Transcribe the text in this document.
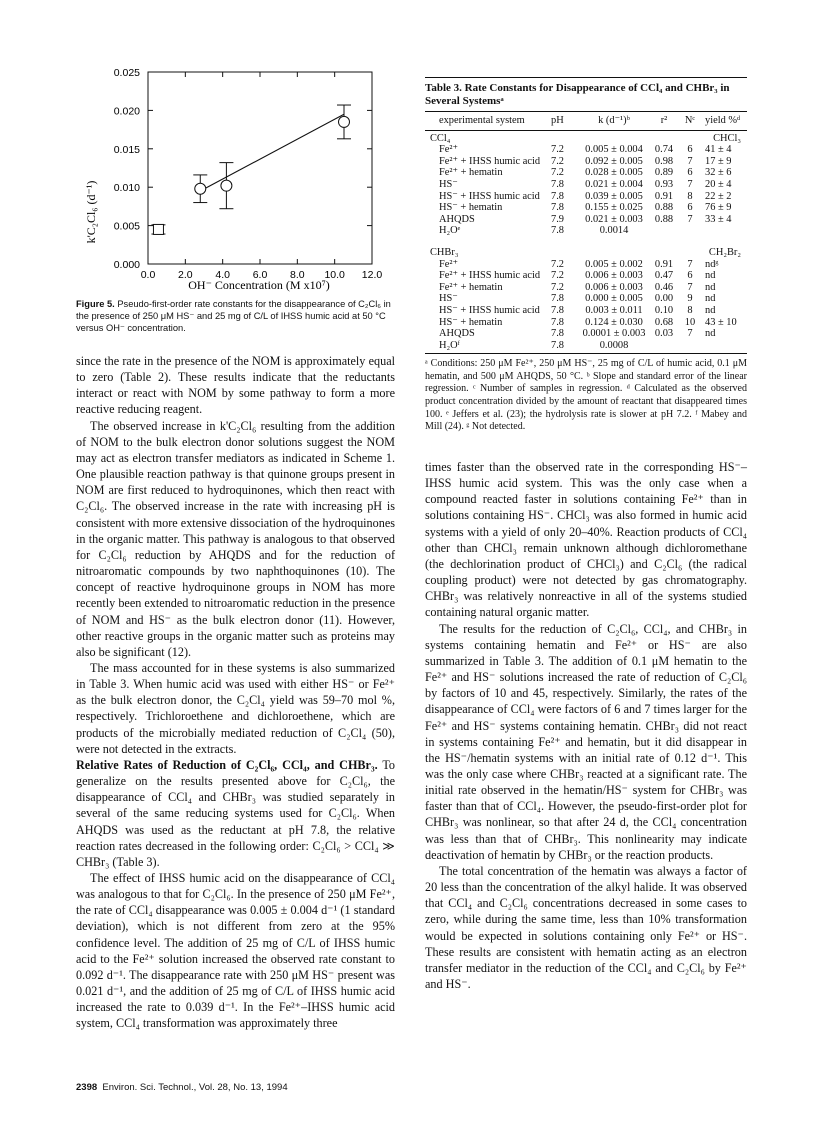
0.0 2.0 4.0 6.0 8.0 10.0 12.0
0.000
0.005
0.010
0.015
0.020
0.025
k'C₂Cl₆ (d⁻¹)
OH⁻ Concentration (M x10⁷)
Figure 5. Pseudo-first-order rate constants for the disappearance of C₂Cl₆ in the presence of 250 μM HS⁻ and 25 mg of C/L of IHSS humic acid at 50 °C versus OH⁻ concentration.
Table 3. Rate Constants for Disappearance of CCl₄ and CHBr₃ in Several Systemsᵃ
experimental system	pH	k (d⁻¹)ᵇ	r²	Nᶜ yield %ᵈ
CCl₄	CHCl₃
Fe²⁺	7.2	0.005 ± 0.004	0.74	6	41 ± 4
Fe²⁺ + IHSS humic acid	7.2	0.092 ± 0.005	0.98	7	17 ± 9
Fe²⁺ + hematin	7.2	0.028 ± 0.005	0.89	6	32 ± 6
HS⁻	7.8	0.021 ± 0.004	0.93	7	20 ± 4
HS⁻ + IHSS humic acid	7.8	0.039 ± 0.005	0.91	8	22 ± 2
HS⁻ + hematin	7.8	0.155 ± 0.025	0.88	6	76 ± 9
AHQDS	7.9	0.021 ± 0.003	0.88	7	33 ± 4
H₂Oᵉ	7.8	0.0014
CHBr₃	CH₂Br₂
Fe²⁺	7.2	0.005 ± 0.002	0.91	7	ndᵍ
Fe²⁺ + IHSS humic acid	7.2	0.006 ± 0.003	0.47	6	nd
Fe²⁺ + hematin	7.2	0.006 ± 0.003	0.46	7	nd
HS⁻	7.8	0.000 ± 0.005	0.00	9	nd
HS⁻ + IHSS humic acid	7.8	0.003 ± 0.011	0.10	8	nd
HS⁻ + hematin	7.8	0.124 ± 0.030	0.68	10 43 ± 10
AHQDS	7.8	0.0001 ± 0.003 0.03	7	nd
H₂Oᶠ	7.8	0.0008
ᵃ Conditions: 250 μM Fe²⁺, 250 μM HS⁻, 25 mg of C/L of humic acid, 0.1 μM hematin, and 500 μM AHQDS, 50 °C. ᵇ Slope and standard error of the linear regression. ᶜ Number of samples in regression. ᵈ Calculated as the observed product concentration divided by the amount of reactant that disappeared times 100. ᵉ Jeffers et al. (23); the hydrolysis rate is slower at pH 7.2. ᶠ Mabey and Mill (24). ᵍ Not detected.

since the rate in the presence of the NOM is approximately equal to zero (Table 2). These results indicate that the reductants interact or react with NOM by some pathway to form a more reactive reducing reagent.

The observed increase in k'C₂Cl₆ resulting from the addition of NOM to the bulk electron donor solutions suggest the NOM may act as electron transfer mediators as indicated in Scheme 1. One plausible reaction pathway is that quinone groups present in NOM are first reduced to hydroquinones, which then react with C₂Cl₆. The observed increase in the rate with increasing pH is consistent with more extensive dissociation of the hydroquinones in the organic matter. This pathway is analogous to that observed for C₂Cl₆ reduction by AHQDS and for the reduction of nitroaromatic compounds by two naphthoquinones (10). The concept of reactive hydroquinone groups in NOM has more recently been extended to nitroaromatic reduction in the presence of NOM and HS⁻ as the bulk electron donor (11). However, other reactive groups in the organic matter such as proteins may also be significant (12).

The mass accounted for in these systems is also summarized in Table 3. When humic acid was used with either HS⁻ or Fe²⁺ as the bulk electron donor, the C₂Cl₄ yield was 59–70 mol %, respectively. Trichloroethene and dichloroethene, which are products of the microbially mediated reduction of C₂Cl₄ (50), were not detected in the extracts.

Relative Rates of Reduction of C₂Cl₆, CCl₄, and CHBr₃. To generalize on the results presented above for C₂Cl₆, the disappearance of CCl₄ and CHBr₃ was studied separately in several of the same reducing systems used for C₂Cl₆. When AHQDS was used as the reductant at pH 7.8, the relative reaction rates decreased in the following order: C₂Cl₆ > CCl₄ ≫ CHBr₃ (Table 3).

The effect of IHSS humic acid on the disappearance of CCl₄ was analogous to that for C₂Cl₆. In the presence of 250 μM Fe²⁺, the rate of CCl₄ disappearance was 0.005 ± 0.004 d⁻¹ (1 standard deviation), which is not different from zero at the 95% confidence level. The addition of 25 mg of C/L of IHSS humic acid to the Fe²⁺ solution increased the observed rate constant to 0.092 d⁻¹. The disappearance rate with 250 μM HS⁻ present was 0.021 d⁻¹, and the addition of 25 mg of C/L of IHSS humic acid increased the rate to 0.039 d⁻¹. In the Fe²⁺–IHSS humic acid system, CCl₄ transformation was approximately three

times faster than the observed rate in the corresponding HS⁻–IHSS humic acid system. This was the only case when a compound reacted faster in solutions containing Fe²⁺ than in solutions containing HS⁻. CHCl₃ was also formed in humic acid systems with a yield of only 20–40%. Reaction products of CCl₄ other than CHCl₃ remain unknown although dichloromethane (the dechlorination product of CHCl₃) and C₂Cl₆ (the radical coupling product) were not detected by gas chromatography. CHBr₃ was relatively nonreactive in all of the systems studied containing natural organic matter.

The results for the reduction of C₂Cl₆, CCl₄, and CHBr₃ in systems containing hematin and Fe²⁺ or HS⁻ are also summarized in Table 3. The addition of 0.1 μM hematin to the Fe²⁺ and HS⁻ solutions increased the rate of reduction of C₂Cl₆ by factors of 10 and 45, respectively. Similarly, the rates of the disappearance of CCl₄ were factors of 6 and 7 times larger for the Fe²⁺ and HS⁻ systems containing hematin. CHBr₃ did not react in systems containing Fe²⁺ and hematin, but it did disappear in the HS⁻/hematin systems with an initial rate of 0.12 d⁻¹. This was the only case where CHBr₃ reacted at a significant rate. The initial rate observed in the hematin/HS⁻ system for CHBr₃ was faster than that of CCl₄. However, the pseudo-first-order plot for CHBr₃ was nonlinear, so that after 24 d, the CCl₄ concentration was less than that of CHBr₃. This nonlinearity may indicate deactivation of hematin by CHBr₃ or the reaction products.

The total concentration of the hematin was always a factor of 20 less than the concentration of the alkyl halide. It was observed that CCl₄ and C₂Cl₆ concentrations decreased in some cases to zero, while during the same time, less than 10% transformation would be expected in solutions containing only Fe²⁺ or HS⁻. These results are consistent with hematin acting as an electron transfer mediator in the reduction of the CCl₄ and C₂Cl₆ by Fe²⁺ and HS⁻.

2398 Environ. Sci. Technol., Vol. 28, No. 13, 1994
